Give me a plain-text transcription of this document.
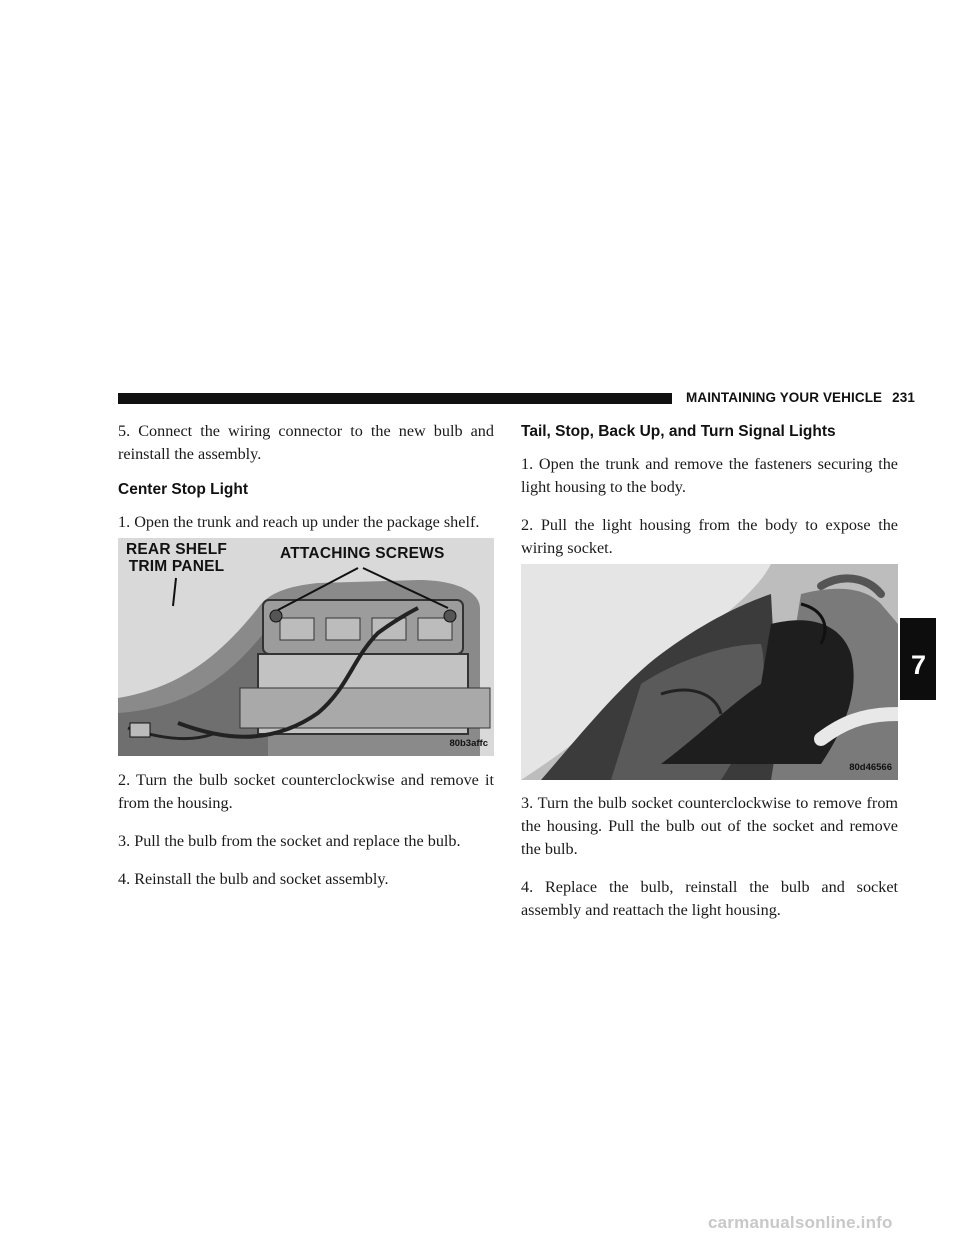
MAINTAINING YOUR VEHICLE 231

5. Connect the wiring connector to the new bulb and reinstall the assembly.

Center Stop Light

1. Open the trunk and reach up under the package shelf.

REAR SHELF
TRIM PANEL
ATTACHING SCREWS
80b3affc

2. Turn the bulb socket counterclockwise and remove it from the housing.

3. Pull the bulb from the socket and replace the bulb.

4. Reinstall the bulb and socket assembly.

Tail, Stop, Back Up, and Turn Signal Lights

1. Open the trunk and remove the fasteners securing the light housing to the body.

2. Pull the light housing from the body to expose the wiring socket.

80d46566

3. Turn the bulb socket counterclockwise to remove from the housing. Pull the bulb out of the socket and remove the bulb.

4. Replace the bulb, reinstall the bulb and socket assembly and reattach the light housing.

7
carmanualsonline.info
